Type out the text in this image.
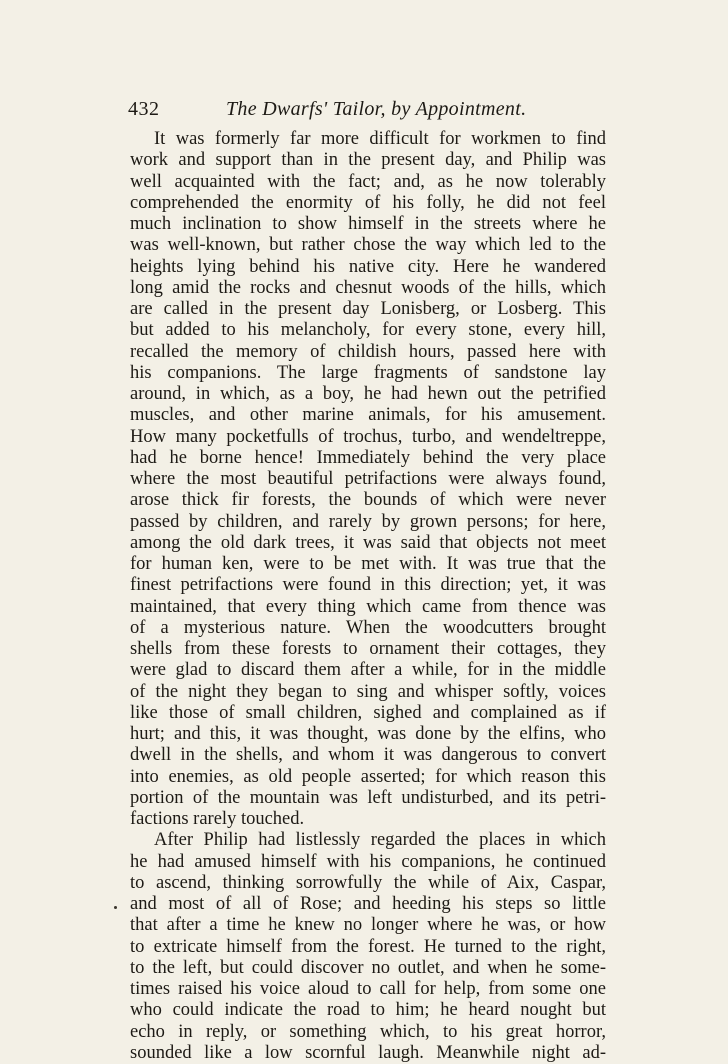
432	The Dwarfs' Tailor, by Appointment.
It was formerly far more difficult for workmen to find
work and support than in the present day, and Philip was
well acquainted with the fact; and, as he now tolerably
comprehended the enormity of his folly, he did not feel
much inclination to show himself in the streets where he
was well-known, but rather chose the way which led to the
heights lying behind his native city. Here he wandered
long amid the rocks and chesnut woods of the hills, which
are called in the present day Lonisberg, or Losberg. This
but added to his melancholy, for every stone, every hill,
recalled the memory of childish hours, passed here with
his companions. The large fragments of sandstone lay
around, in which, as a boy, he had hewn out the petrified
muscles, and other marine animals, for his amusement.
How many pocketfulls of trochus, turbo, and wendeltreppe,
had he borne hence! Immediately behind the very place
where the most beautiful petrifactions were always found,
arose thick fir forests, the bounds of which were never
passed by children, and rarely by grown persons; for here,
among the old dark trees, it was said that objects not meet
for human ken, were to be met with. It was true that the
finest petrifactions were found in this direction; yet, it was
maintained, that every thing which came from thence was
of a mysterious nature. When the woodcutters brought
shells from these forests to ornament their cottages, they
were glad to discard them after a while, for in the middle
of the night they began to sing and whisper softly, voices
like those of small children, sighed and complained as if
hurt; and this, it was thought, was done by the elfins, who
dwell in the shells, and whom it was dangerous to convert
into enemies, as old people asserted; for which reason this
portion of the mountain was left undisturbed, and its petri-
factions rarely touched.
After Philip had listlessly regarded the places in which
he had amused himself with his companions, he continued
to ascend, thinking sorrowfully the while of Aix, Caspar,
and most of all of Rose; and heeding his steps so little
that after a time he knew no longer where he was, or how
to extricate himself from the forest. He turned to the right,
to the left, but could discover no outlet, and when he some-
times raised his voice aloud to call for help, from some one
who could indicate the road to him; he heard nought but
echo in reply, or something which, to his great horror,
sounded like a low scornful laugh. Meanwhile night ad-
